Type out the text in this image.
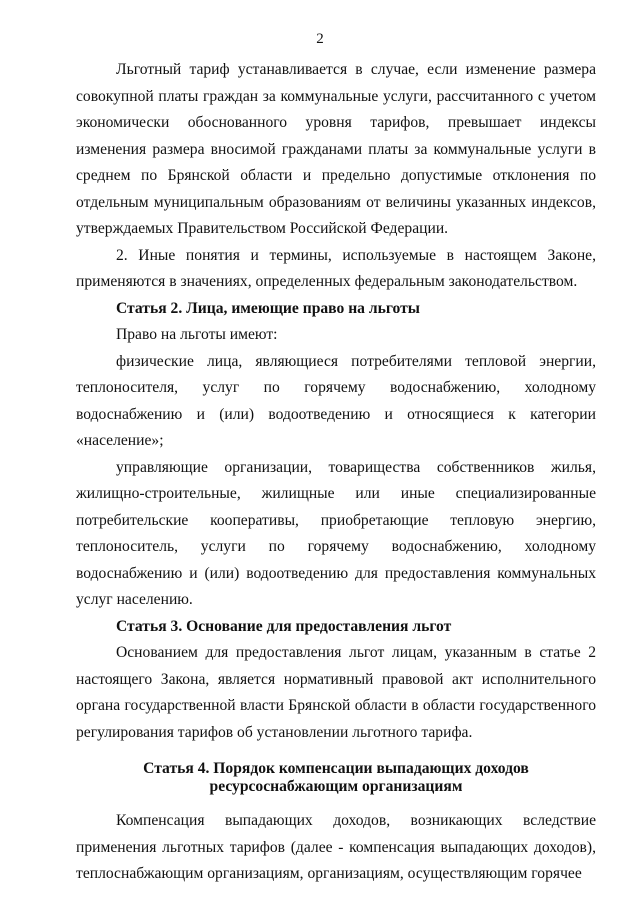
2

Льготный тариф устанавливается в случае, если изменение размера совокупной платы граждан за коммунальные услуги, рассчитанного с учетом экономически обоснованного уровня тарифов, превышает индексы изменения размера вносимой гражданами платы за коммунальные услуги в среднем по Брянской области и предельно допустимые отклонения по отдельным муниципальным образованиям от величины указанных индексов, утверждаемых Правительством Российской Федерации.

2. Иные понятия и термины, используемые в настоящем Законе, применяются в значениях, определенных федеральным законодательством.

Статья 2. Лица, имеющие право на льготы

Право на льготы имеют:

физические лица, являющиеся потребителями тепловой энергии, теплоносителя, услуг по горячему водоснабжению, холодному водоснабжению и (или) водоотведению и относящиеся к категории «население»;

управляющие организации, товарищества собственников жилья, жилищно-строительные, жилищные или иные специализированные потребительские кооперативы, приобретающие тепловую энергию, теплоноситель, услуги по горячему водоснабжению, холодному водоснабжению и (или) водоотведению для предоставления коммунальных услуг населению.

Статья 3. Основание для предоставления льгот

Основанием для предоставления льгот лицам, указанным в статье 2 настоящего Закона, является нормативный правовой акт исполнительного органа государственной власти Брянской области в области государственного регулирования тарифов об установлении льготного тарифа.

Статья 4. Порядок компенсации выпадающих доходов
ресурсоснабжающим организациям

Компенсация выпадающих доходов, возникающих вследствие применения льготных тарифов (далее - компенсация выпадающих доходов), теплоснабжающим организациям, организациям, осуществляющим горячее
